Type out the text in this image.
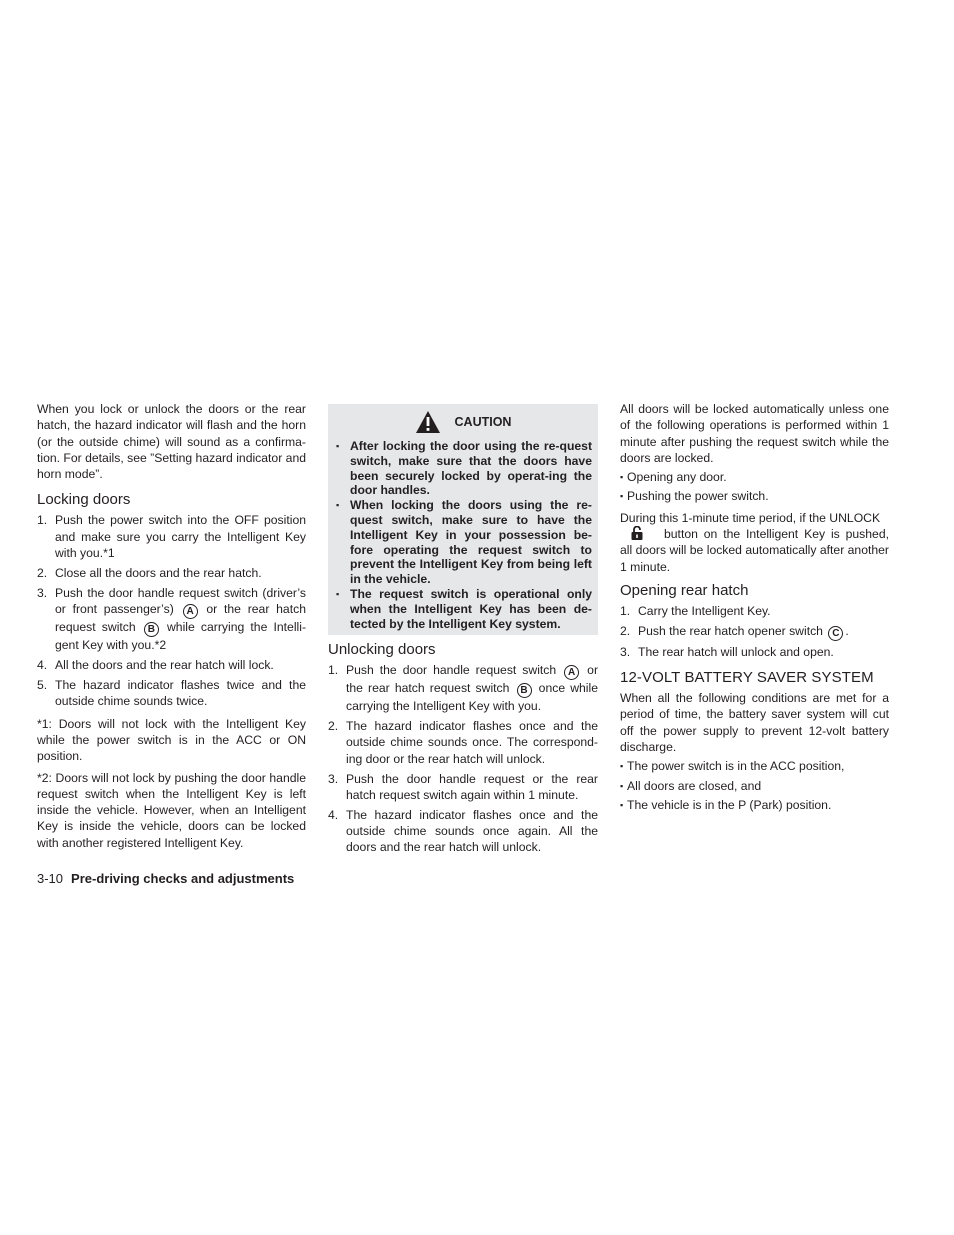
When you lock or unlock the doors or the rear hatch, the hazard indicator will flash and the horn (or the outside chime) will sound as a confirma-tion. For details, see ”Setting hazard indicator and horn mode”.

Locking doors
1. Push the power switch into the OFF position and make sure you carry the Intelligent Key with you.*1
2. Close all the doors and the rear hatch.
3. Push the door handle request switch (driver’s or front passenger’s) A or the rear hatch request switch B while carrying the Intelli-gent Key with you.*2
4. All the doors and the rear hatch will lock.
5. The hazard indicator flashes twice and the outside chime sounds twice.

*1: Doors will not lock with the Intelligent Key while the power switch is in the ACC or ON position.

*2: Doors will not lock by pushing the door handle request switch when the Intelligent Key is left inside the vehicle. However, when an Intelligent Key is inside the vehicle, doors can be locked with another registered Intelligent Key.

CAUTION
▪ After locking the door using the re-quest switch, make sure that the doors have been securely locked by operat-ing the door handles.
▪ When locking the doors using the re-quest switch, make sure to have the Intelligent Key in your possession be-fore operating the request switch to prevent the Intelligent Key from being left in the vehicle.
▪ The request switch is operational only when the Intelligent Key has been de-tected by the Intelligent Key system.
Unlocking doors
1. Push the door handle request switch A or the rear hatch request switch B once while carrying the Intelligent Key with you.
2. The hazard indicator flashes once and the outside chime sounds once. The correspond-ing door or the rear hatch will unlock.
3. Push the door handle request or the rear hatch request switch again within 1 minute.
4. The hazard indicator flashes once and the outside chime sounds once again. All the doors and the rear hatch will unlock.

All doors will be locked automatically unless one of the following operations is performed within 1 minute after pushing the request switch while the doors are locked.

▪ Opening any door.
▪ Pushing the power switch.

During this 1-minute time period, if the UNLOCK
button on the Intelligent Key is pushed, all doors will be locked automatically after another 1 minute.

Opening rear hatch
1. Carry the Intelligent Key.
2. Push the rear hatch opener switch C .
3. The rear hatch will unlock and open.
12-VOLT BATTERY SAVER SYSTEM

When all the following conditions are met for a period of time, the battery saver system will cut off the power supply to prevent 12-volt battery discharge.

▪ The power switch is in the ACC position,
▪ All doors are closed, and
▪ The vehicle is in the P (Park) position.
3-10 Pre-driving checks and adjustments
